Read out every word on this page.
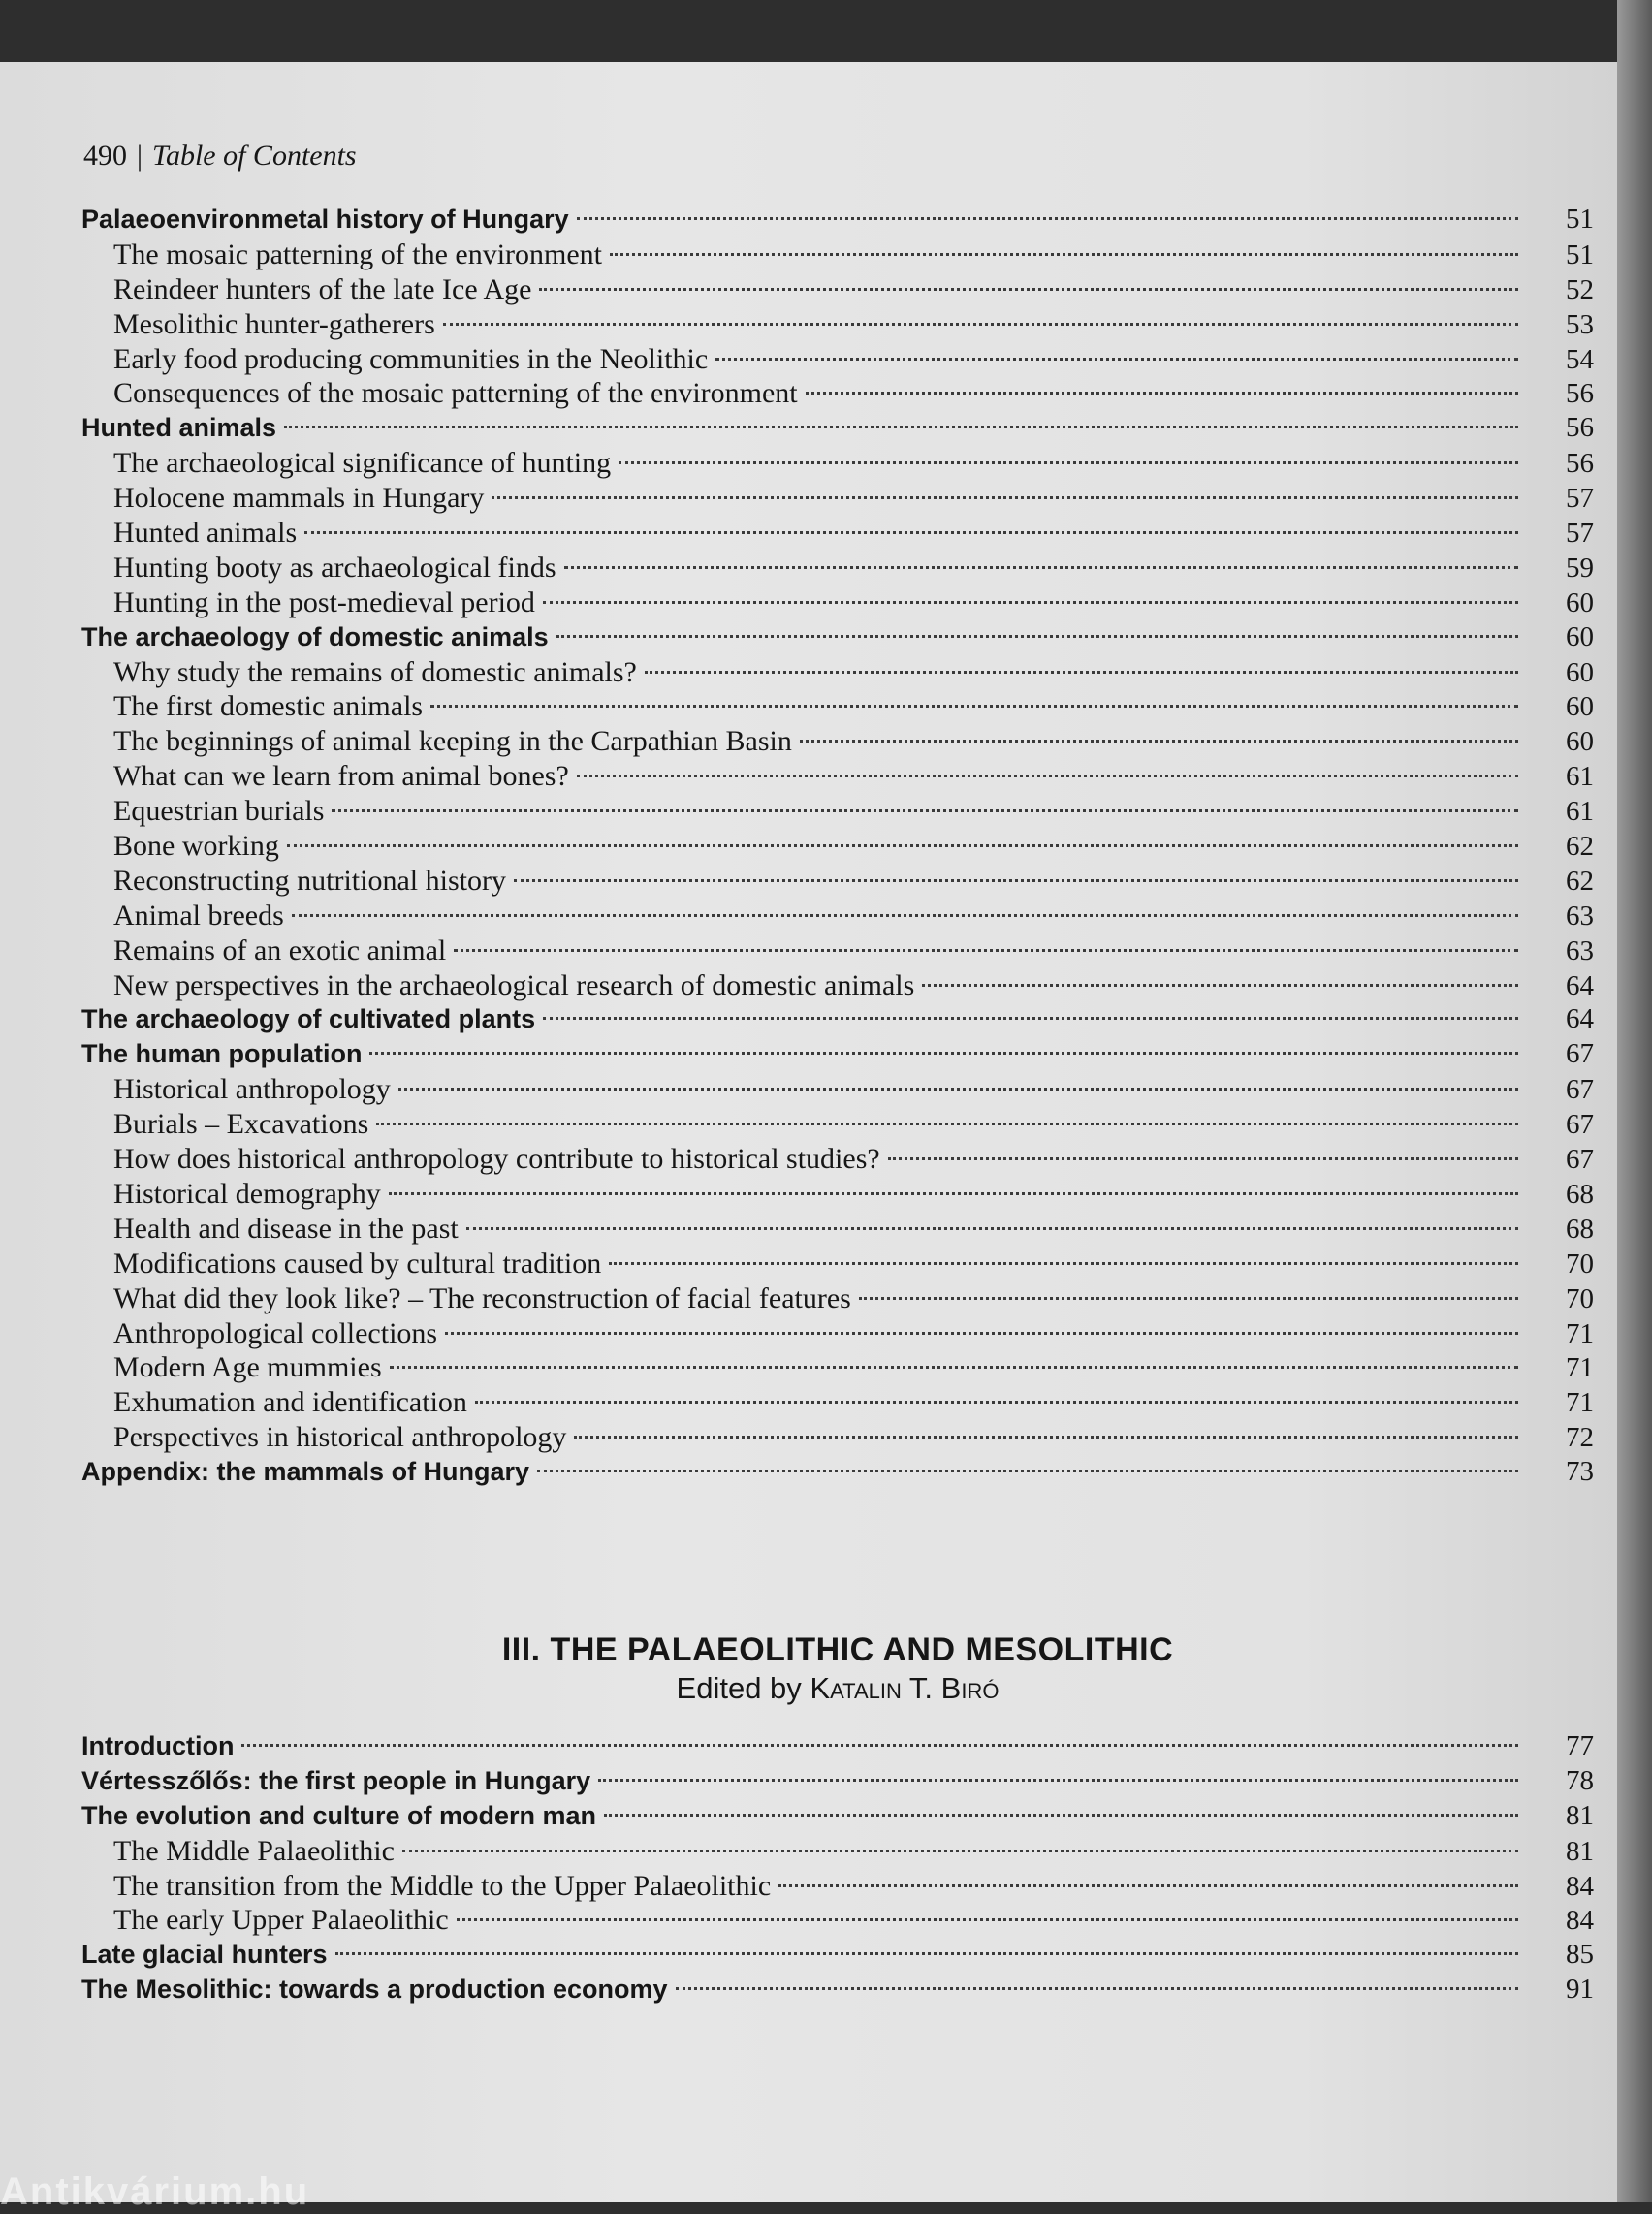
490 | Table of Contents
Palaeoenvironmetal history of Hungary	51
The mosaic patterning of the environment	51
Reindeer hunters of the late Ice Age	52
Mesolithic hunter-gatherers	53
Early food producing communities in the Neolithic	54
Consequences of the mosaic patterning of the environment	56
Hunted animals	56
The archaeological significance of hunting	56
Holocene mammals in Hungary	57
Hunted animals	57
Hunting booty as archaeological finds	59
Hunting in the post-medieval period	60
The archaeology of domestic animals	60
Why study the remains of domestic animals?	60
The first domestic animals	60
The beginnings of animal keeping in the Carpathian Basin	60
What can we learn from animal bones?	61
Equestrian burials	61
Bone working	62
Reconstructing nutritional history	62
Animal breeds	63
Remains of an exotic animal	63
New perspectives in the archaeological research of domestic animals	64
The archaeology of cultivated plants	64
The human population	67
Historical anthropology	67
Burials – Excavations	67
How does historical anthropology contribute to historical studies?	67
Historical demography	68
Health and disease in the past	68
Modifications caused by cultural tradition	70
What did they look like? – The reconstruction of facial features	70
Anthropological collections	71
Modern Age mummies	71
Exhumation and identification	71
Perspectives in historical anthropology	72
Appendix: the mammals of Hungary	73
III. THE PALAEOLITHIC AND MESOLITHIC
Edited by Katalin T. Biró
Introduction	77
Vértesszőlős: the first people in Hungary	78
The evolution and culture of modern man	81
The Middle Palaeolithic	81
The transition from the Middle to the Upper Palaeolithic	84
The early Upper Palaeolithic	84
Late glacial hunters	85
The Mesolithic: towards a production economy	91
Antikvárium.hu
